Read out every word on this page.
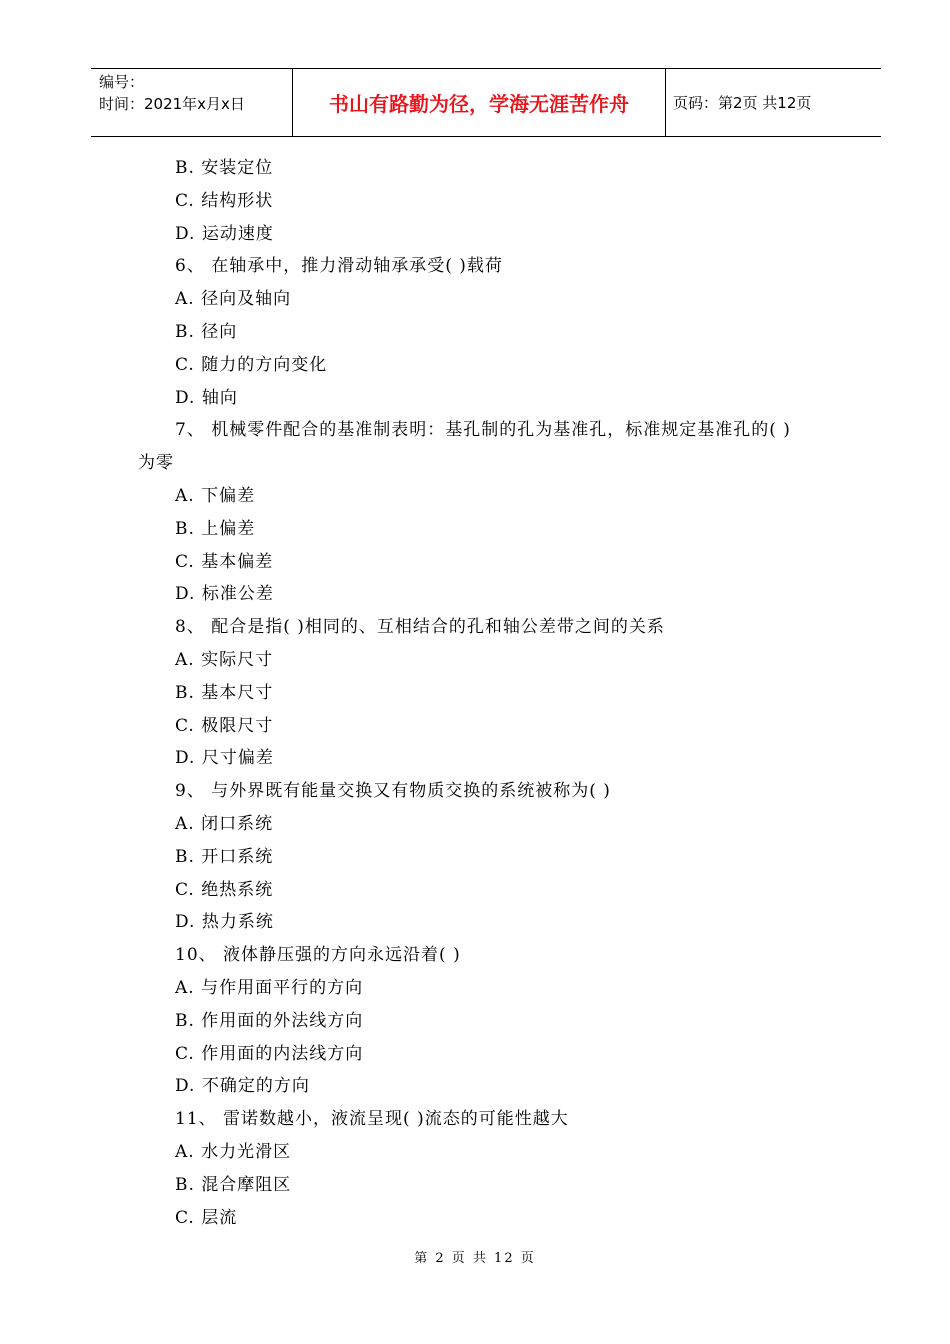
编号：
时间：2021年x月x日	书山有路勤为径，学海无涯苦作舟	页码：第2页 共12页
B. 安装定位
C. 结构形状
D. 运动速度
6、 在轴承中，推力滑动轴承承受( )载荷
A. 径向及轴向
B. 径向
C. 随力的方向变化
D. 轴向
7、 机械零件配合的基准制表明：基孔制的孔为基准孔，标准规定基准孔的( )
为零
A. 下偏差
B. 上偏差
C. 基本偏差
D. 标准公差
8、 配合是指( )相同的、互相结合的孔和轴公差带之间的关系
A. 实际尺寸
B. 基本尺寸
C. 极限尺寸
D. 尺寸偏差
9、 与外界既有能量交换又有物质交换的系统被称为( )
A. 闭口系统
B. 开口系统
C. 绝热系统
D. 热力系统
10、 液体静压强的方向永远沿着( )
A. 与作用面平行的方向
B. 作用面的外法线方向
C. 作用面的内法线方向
D. 不确定的方向
11、 雷诺数越小，液流呈现( )流态的可能性越大
A. 水力光滑区
B. 混合摩阻区
C. 层流
第 2 页 共 12 页
